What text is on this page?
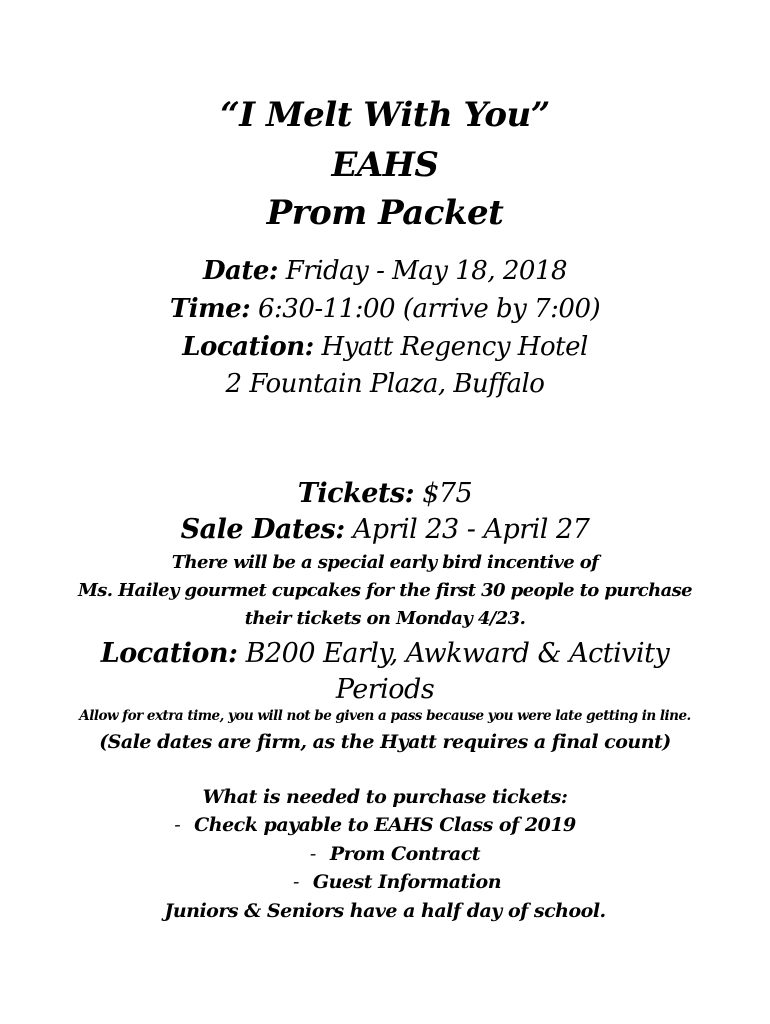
“I Melt With You”
EAHS
Prom Packet
Date: Friday - May 18, 2018
Time: 6:30-11:00 (arrive by 7:00)
Location: Hyatt Regency Hotel
2 Fountain Plaza, Buffalo
Tickets: $75
Sale Dates: April 23 - April 27
There will be a special early bird incentive of
Ms. Hailey gourmet cupcakes for the first 30 people to purchase
their tickets on Monday 4/23.
Location: B200 Early, Awkward & Activity
Periods
Allow for extra time, you will not be given a pass because you were late getting in line.
(Sale dates are firm, as the Hyatt requires a final count)
What is needed to purchase tickets:
- Check payable to EAHS Class of 2019
- Prom Contract
- Guest Information
Juniors & Seniors have a half day of school.
